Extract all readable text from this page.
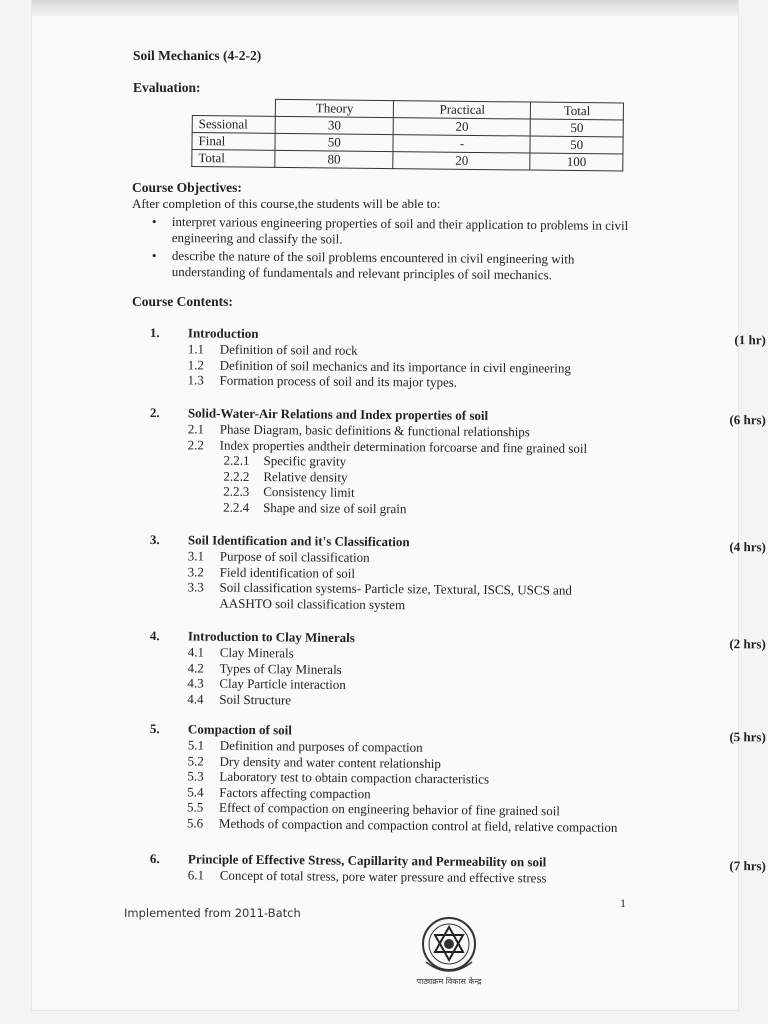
Soil Mechanics (4-2-2)
Evaluation:
	Theory	Practical	Total
Sessional	30	20	50
Final	50	-	50
Total	80	20	100
Course Objectives:
After completion of this course,the students will be able to:
• interpret various engineering properties of soil and their application to problems in civil engineering and classify the soil.
• describe the nature of the soil problems encountered in civil engineering with understanding of fundamentals and relevant principles of soil mechanics.
Course Contents:
1. Introduction	(1 hr)
1.1 Definition of soil and rock
1.2 Definition of soil mechanics and its importance in civil engineering
1.3 Formation process of soil and its major types.
2. Solid-Water-Air Relations and Index properties of soil	(6 hrs)
2.1 Phase Diagram, basic definitions & functional relationships
2.2 Index properties andtheir determination forcoarse and fine grained soil
2.2.1 Specific gravity
2.2.2 Relative density
2.2.3 Consistency limit
2.2.4 Shape and size of soil grain
3. Soil Identification and it's Classification	(4 hrs)
3.1 Purpose of soil classification
3.2 Field identification of soil
3.3 Soil classification systems- Particle size, Textural, ISCS, USCS and
AASHTO soil classification system
4. Introduction to Clay Minerals	(2 hrs)
4.1 Clay Minerals
4.2 Types of Clay Minerals
4.3 Clay Particle interaction
4.4 Soil Structure
5. Compaction of soil	(5 hrs)
5.1 Definition and purposes of compaction
5.2 Dry density and water content relationship
5.3 Laboratory test to obtain compaction characteristics
5.4 Factors affecting compaction
5.5 Effect of compaction on engineering behavior of fine grained soil
5.6 Methods of compaction and compaction control at field, relative compaction
6. Principle of Effective Stress, Capillarity and Permeability on soil	(7 hrs)
6.1 Concept of total stress, pore water pressure and effective stress
1
Implemented from 2011-Batch
पाठ्यक्रम विकास केन्द्र
